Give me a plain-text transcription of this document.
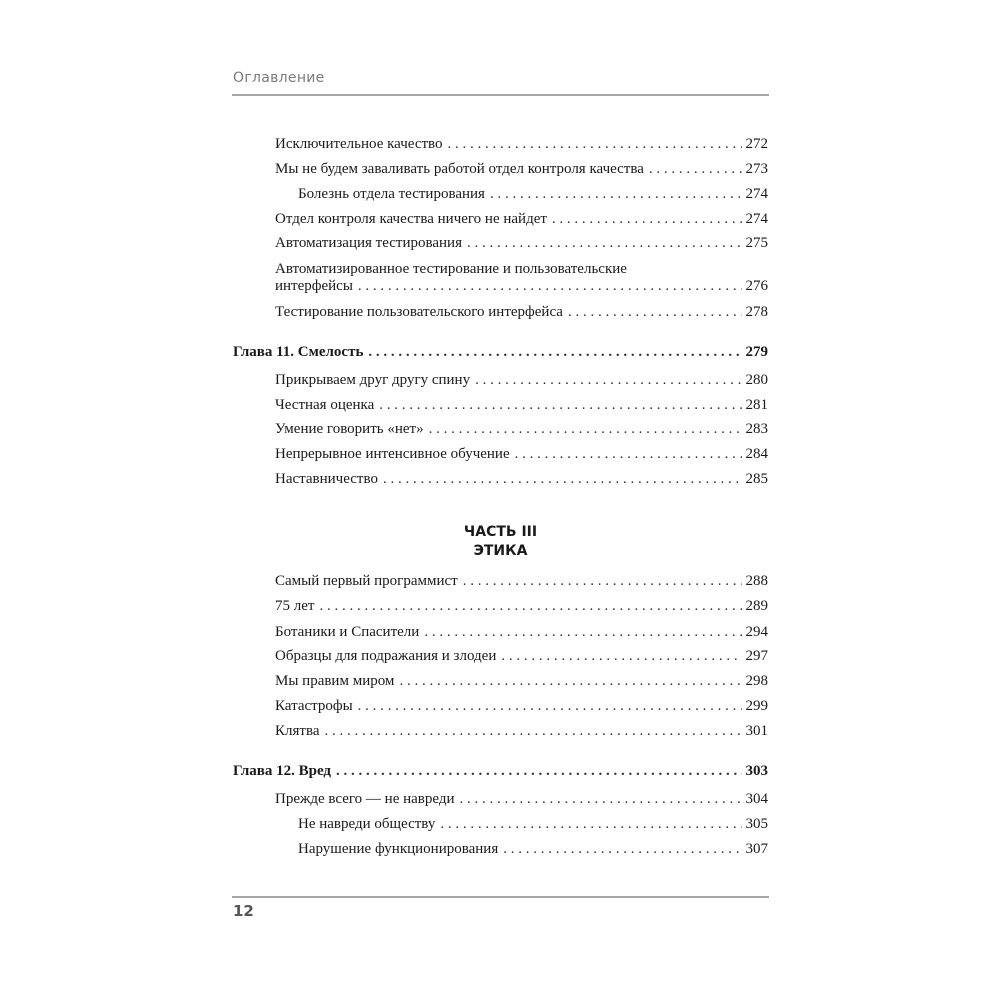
Оглавление
Исключительное качество . . .	272
Мы не будем заваливать работой отдел контроля качества . . .	273
Болезнь отдела тестирования . . .	274
Отдел контроля качества ничего не найдет . . .	274
Автоматизация тестирования . . .	275
Автоматизированное тестирование и пользовательские
интерфейсы . . .	276
Тестирование пользовательского интерфейса . . .	278
Глава 11. Смелость . . .	279
Прикрываем друг другу спину . . .	280
Честная оценка . . .	281
Умение говорить «нет» . . .	283
Непрерывное интенсивное обучение . . .	284
Наставничество . . .	285
ЧАСТЬ III
ЭТИКА
Самый первый программист . . .	288
75 лет . . .	289
Ботаники и Спасители . . .	294
Образцы для подражания и злодеи . . .	297
Мы правим миром . . .	298
Катастрофы . . .	299
Клятва . . .	301
Глава 12. Вред . . .	303
Прежде всего — не навреди . . .	304
Не навреди обществу . . .	305
Нарушение функционирования . . .	307
12
